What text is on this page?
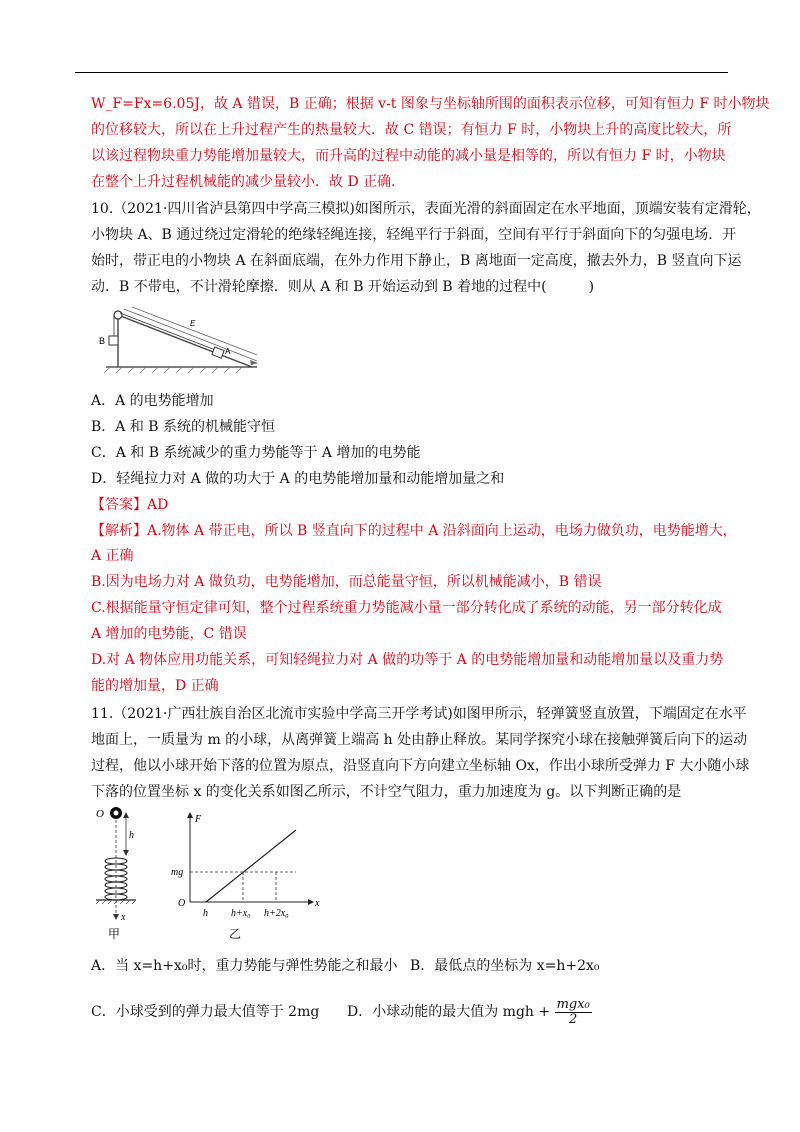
W_F=Fx=6.05J，故 A 错误，B 正确；根据 v-t 图象与坐标轴所围的面积表示位移，可知有恒力 F 时小物块
的位移较大，所以在上升过程产生的热量较大．故 C 错误；有恒力 F 时，小物块上升的高度比较大，所
以该过程物块重力势能增加量较大，而升高的过程中动能的减小量是相等的，所以有恒力 F 时，小物块
在整个上升过程机械能的减少量较小．故 D 正确．
10.（2021·四川省泸县第四中学高三模拟)如图所示，表面光滑的斜面固定在水平地面，顶端安装有定滑轮，
小物块 A、B 通过绕过定滑轮的绝缘轻绳连接，轻绳平行于斜面，空间有平行于斜面向下的匀强电场．开
始时，带正电的小物块 A 在斜面底端，在外力作用下静止，B 离地面一定高度，撤去外力，B 竖直向下运
动．B 不带电，不计滑轮摩擦．则从 A 和 B 开始运动到 B 着地的过程中(　　　)
B
E
A
A．A 的电势能增加
B．A 和 B 系统的机械能守恒
C．A 和 B 系统减少的重力势能等于 A 增加的电势能
D．轻绳拉力对 A 做的功大于 A 的电势能增加量和动能增加量之和
【答案】AD
【解析】A.物体 A 带正电，所以 B 竖直向下的过程中 A 沿斜面向上运动，电场力做负功，电势能增大，
A 正确
B.因为电场力对 A 做负功，电势能增加，而总能量守恒，所以机械能减小，B 错误
C.根据能量守恒定律可知，整个过程系统重力势能减小量一部分转化成了系统的动能，另一部分转化成
A 增加的电势能，C 错误
D.对 A 物体应用功能关系，可知轻绳拉力对 A 做的功等于 A 的电势能增加量和动能增加量以及重力势
能的增加量，D 正确
11.（2021·广西壮族自治区北流市实验中学高三开学考试)如图甲所示，轻弹簧竖直放置，下端固定在水平
地面上，一质量为 m 的小球，从离弹簧上端高 h 处由静止释放。某同学探究小球在接触弹簧后向下的运动
过程，他以小球开始下落的位置为原点，沿竖直向下方向建立坐标轴 Ox，作出小球所受弹力 F 大小随小球
下落的位置坐标 x 的变化关系如图乙所示，不计空气阻力，重力加速度为 g。以下判断正确的是
O
h
x
甲
F
x
O
mg
h h+x₀ h+2x₀
乙
A．当 x=h+x₀时，重力势能与弹性势能之和最小 B．最低点的坐标为 x=h+2x₀
C．小球受到的弹力最大值等于 2mg D．小球动能的最大值为 mgh + $\frac{\text{mgx₀}}{2}$
